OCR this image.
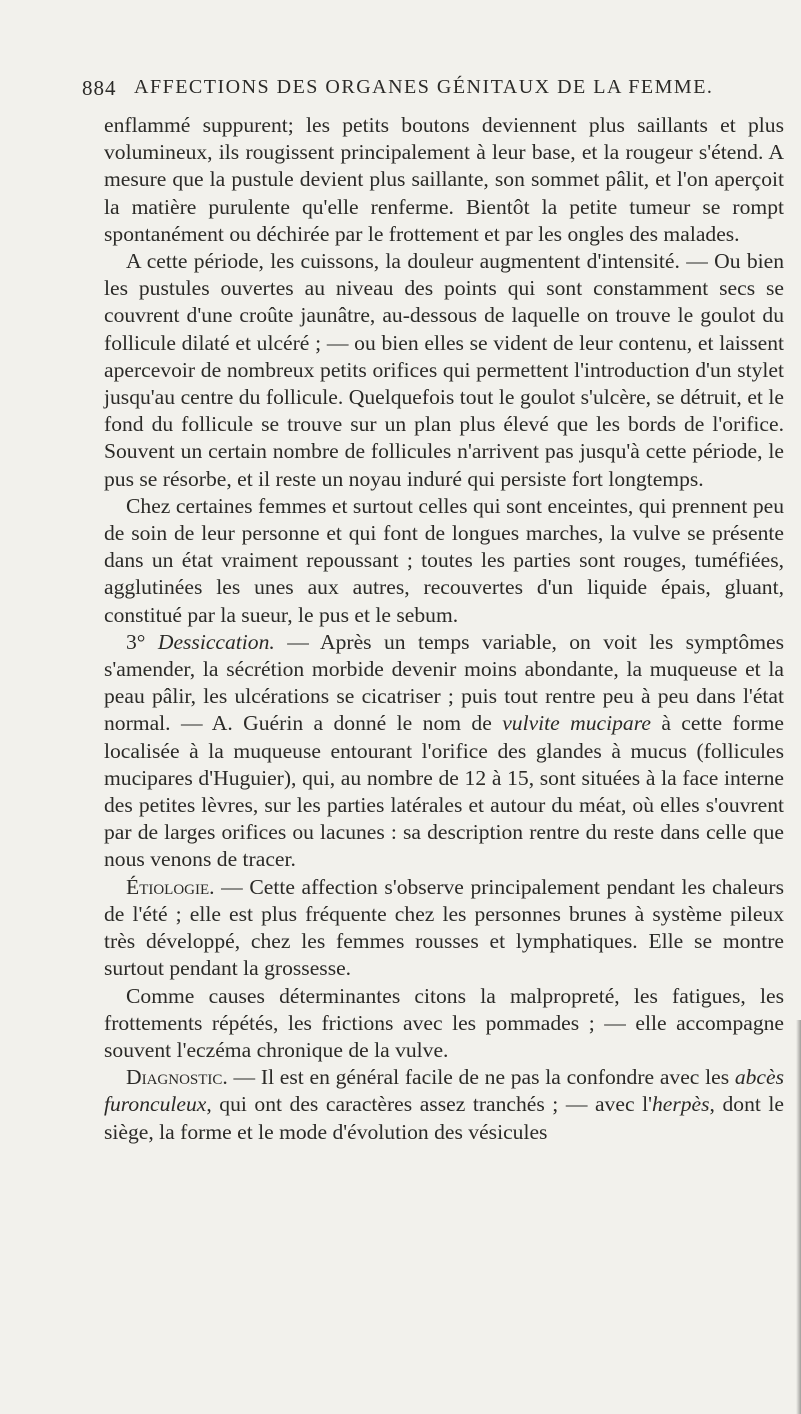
884 AFFECTIONS DES ORGANES GÉNITAUX DE LA FEMME.

enflammé suppurent; les petits boutons deviennent plus saillants et plus volumineux, ils rougissent principalement à leur base, et la rougeur s'étend. A mesure que la pustule devient plus saillante, son sommet pâlit, et l'on aperçoit la matière purulente qu'elle renferme. Bientôt la petite tumeur se rompt spontanément ou déchirée par le frottement et par les ongles des malades.

A cette période, les cuissons, la douleur augmentent d'intensité. — Ou bien les pustules ouvertes au niveau des points qui sont constamment secs se couvrent d'une croûte jaunâtre, au-dessous de laquelle on trouve le goulot du follicule dilaté et ulcéré ; — ou bien elles se vident de leur contenu, et laissent apercevoir de nombreux petits orifices qui permettent l'introduction d'un stylet jusqu'au centre du follicule. Quelquefois tout le goulot s'ulcère, se détruit, et le fond du follicule se trouve sur un plan plus élevé que les bords de l'orifice. Souvent un certain nombre de follicules n'arrivent pas jusqu'à cette période, le pus se résorbe, et il reste un noyau induré qui persiste fort longtemps.

Chez certaines femmes et surtout celles qui sont enceintes, qui prennent peu de soin de leur personne et qui font de longues marches, la vulve se présente dans un état vraiment repoussant ; toutes les parties sont rouges, tuméfiées, agglutinées les unes aux autres, recouvertes d'un liquide épais, gluant, constitué par la sueur, le pus et le sebum.

3° Dessiccation. — Après un temps variable, on voit les symptômes s'amender, la sécrétion morbide devenir moins abondante, la muqueuse et la peau pâlir, les ulcérations se cicatriser ; puis tout rentre peu à peu dans l'état normal. — A. Guérin a donné le nom de vulvite mucipare à cette forme localisée à la muqueuse entourant l'orifice des glandes à mucus (follicules mucipares d'Huguier), qui, au nombre de 12 à 15, sont situées à la face interne des petites lèvres, sur les parties latérales et autour du méat, où elles s'ouvrent par de larges orifices ou lacunes : sa description rentre du reste dans celle que nous venons de tracer.

Étiologie. — Cette affection s'observe principalement pendant les chaleurs de l'été ; elle est plus fréquente chez les personnes brunes à système pileux très développé, chez les femmes rousses et lymphatiques. Elle se montre surtout pendant la grossesse.

Comme causes déterminantes citons la malpropreté, les fatigues, les frottements répétés, les frictions avec les pommades ; — elle accompagne souvent l'eczéma chronique de la vulve.

Diagnostic. — Il est en général facile de ne pas la confondre avec les abcès furonculeux, qui ont des caractères assez tranchés ; — avec l'herpès, dont le siège, la forme et le mode d'évolution des vésicules
